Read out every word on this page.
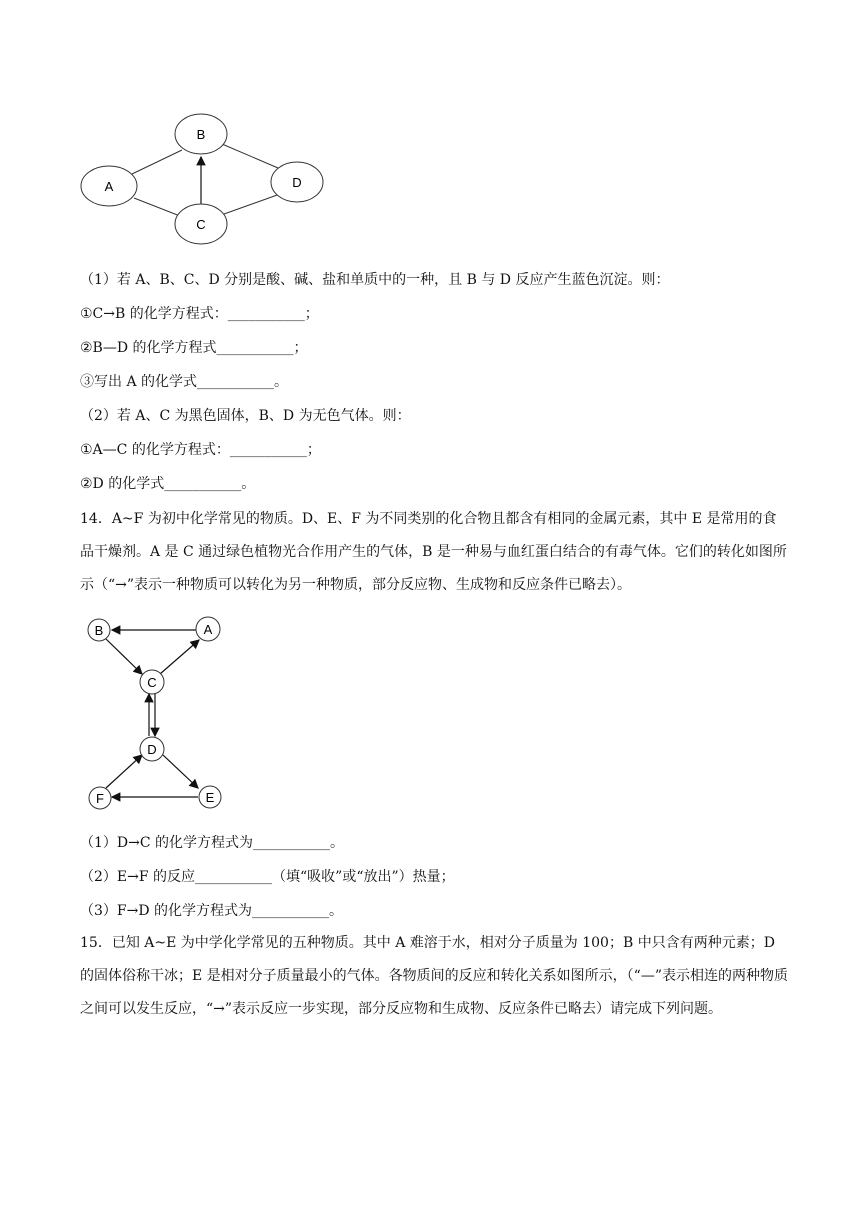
A
B
C
D
（1）若 A、B、C、D 分别是酸、碱、盐和单质中的一种，且 B 与 D 反应产生蓝色沉淀。则：
①C→B 的化学方程式：___________；
②B—D 的化学方程式___________；
③写出 A 的化学式___________。
（2）若 A、C 为黑色固体，B、D 为无色气体。则：
①A—C 的化学方程式：___________；
②D 的化学式___________。
14．A~F 为初中化学常见的物质。D、E、F 为不同类别的化合物且都含有相同的金属元素，其中 E 是常用的食品干燥剂。A 是 C 通过绿色植物光合作用产生的气体，B 是一种易与血红蛋白结合的有毒气体。它们的转化如图所示（“→”表示一种物质可以转化为另一种物质，部分反应物、生成物和反应条件已略去）。
B	A
C
D
F	E
（1）D→C 的化学方程式为___________。
（2）E→F 的反应___________（填“吸收”或“放出”）热量；
（3）F→D 的化学方程式为___________。
15．已知 A~E 为中学化学常见的五种物质。其中 A 难溶于水，相对分子质量为 100；B 中只含有两种元素；D 的固体俗称干冰；E 是相对分子质量最小的气体。各物质间的反应和转化关系如图所示，（“—”表示相连的两种物质之间可以发生反应，“→”表示反应一步实现，部分反应物和生成物、反应条件已略去）请完成下列问题。
